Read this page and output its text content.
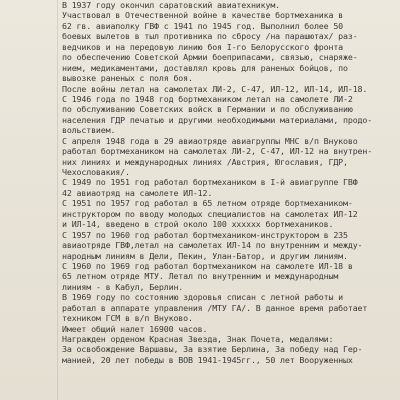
В 1937 году окончил саратовский авиатехникум.
Участвовал в Отечественной войне в качестве бортмеханика в
62 гв. авиаполку ГВФ с 1941 по 1945 год. Выполнил более 50
боевых вылетов в тыл противника по сбросу /на парашютах/ раз-
ведчиков и на передовую линию боя I-го Белорусского фронта
по обеспечению Советской Армии боеприпасами, связью, снаряже-
нием, медикаментами, доставлял кровь для раненых бойцов, по
вывозке раненых с поля боя.
После войны летал на самолетах ЛИ-2, С-47, ИЛ-12, ИЛ-14, ИЛ-18.
С 1946 года по 1948 год бортмехаником летал на самолете ЛИ-2
по обслуживанию Советских войск в Германии и по обслуживанию
населения ГДР печатью и другими необходимыми материалами, продо-
вольствием.
С апреля 1948 года в 29 авиаотряде авиагруппы МНС в/п Внуково
работал бортмехаником на самолетах ЛИ-2, С-47, ИЛ-12 на внутрен-
них линиях и международных линиях /Австрия, Югославия, ГДР,
Чехословакия/.
С 1949 по 1951 год работал бортмехаником в I-й авиагруппе ГВФ
42 авиаотряд на самолете ИЛ-12.
С 1951 по 1957 год работал в 65 летном отряде бортмехаником-
инструктором по вводу молодых специалистов на самолетах ИЛ-12
и ИЛ-14, введено в строй около 100 хххххх бортмехаников.
С 1957 по 1960 год работал бортмехаником-инструктором в 235
авиаотряде ГВФ,летал на самолетах ИЛ-14 по внутренним и между-
народным линиям в Дели, Пекин, Улан-Батор, и другим линиям.
С 1960 по 1969 год работал бортмехаником на самолете ИЛ-18 в
65 летном отряде МТУ. Летал по внутренним и международным
линиям - в Кабул, Берлин.
В 1969 году по состоянию здоровья списан с летной работы и
работал в аппарате управления /МТУ ГА/. В данное время работает
техником ГСМ в в/п Внуково.
Имеет общий налет 16900 часов.
Награжден орденом Красная Звезда, Знак Почета, медалями:
За освобождение Варшавы, За взятие Берлина, За победу над Гер-
манией, 20 лет победы в ВОВ 1941-1945гг., 50 лет Вооруженных
